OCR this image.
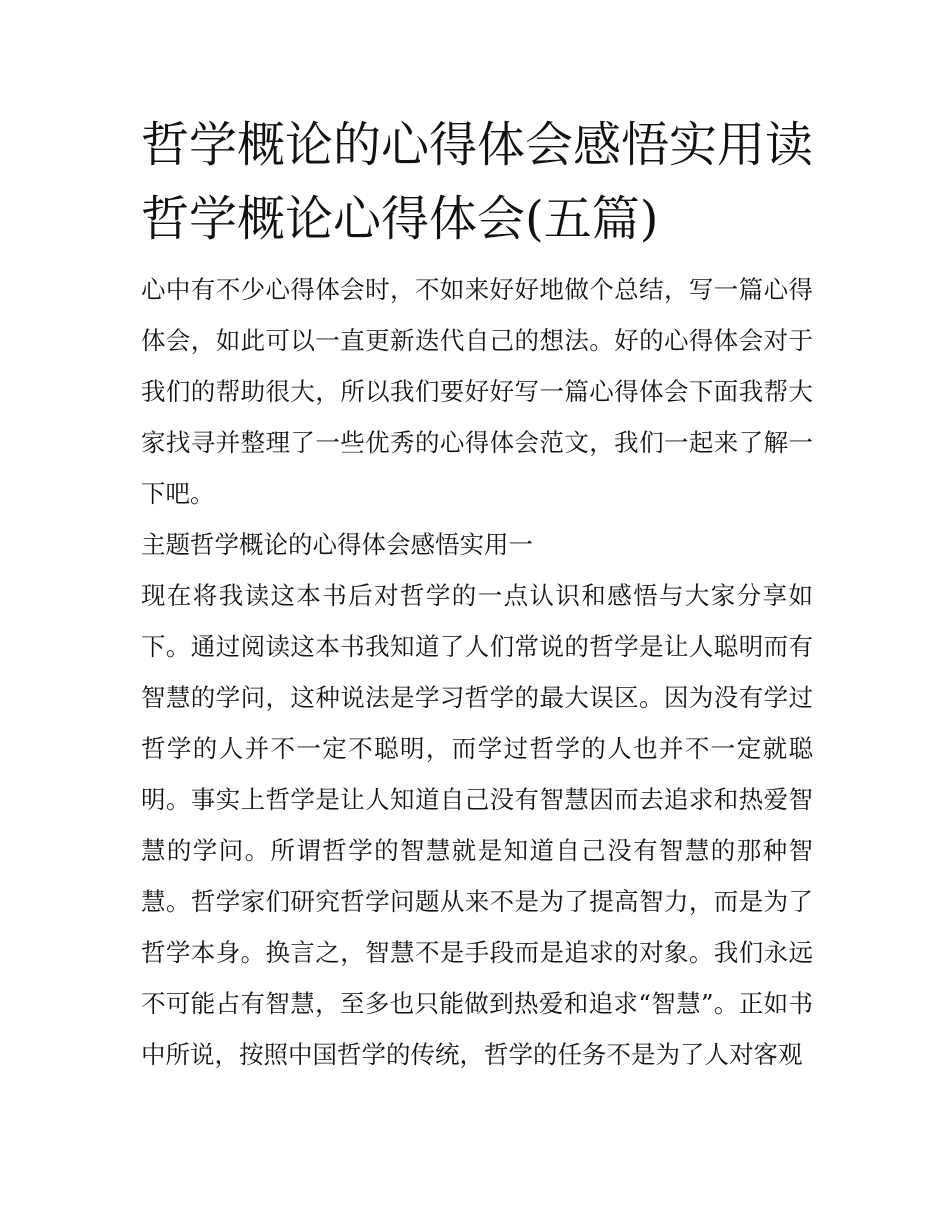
哲学概论的心得体会感悟实用读哲学概论心得体会(五篇)

心中有不少心得体会时，不如来好好地做个总结，写一篇心得体会，如此可以一直更新迭代自己的想法。好的心得体会对于我们的帮助很大，所以我们要好好写一篇心得体会下面我帮大家找寻并整理了一些优秀的心得体会范文，我们一起来了解一下吧。

主题哲学概论的心得体会感悟实用一

现在将我读这本书后对哲学的一点认识和感悟与大家分享如下。通过阅读这本书我知道了人们常说的哲学是让人聪明而有智慧的学问，这种说法是学习哲学的最大误区。因为没有学过哲学的人并不一定不聪明，而学过哲学的人也并不一定就聪明。事实上哲学是让人知道自己没有智慧因而去追求和热爱智慧的学问。所谓哲学的智慧就是知道自己没有智慧的那种智慧。哲学家们研究哲学问题从来不是为了提高智力，而是为了哲学本身。换言之，智慧不是手段而是追求的对象。我们永远不可能占有智慧，至多也只能做到热爱和追求“智慧”。正如书中所说，按照中国哲学的传统，哲学的任务不是为了人对客观
